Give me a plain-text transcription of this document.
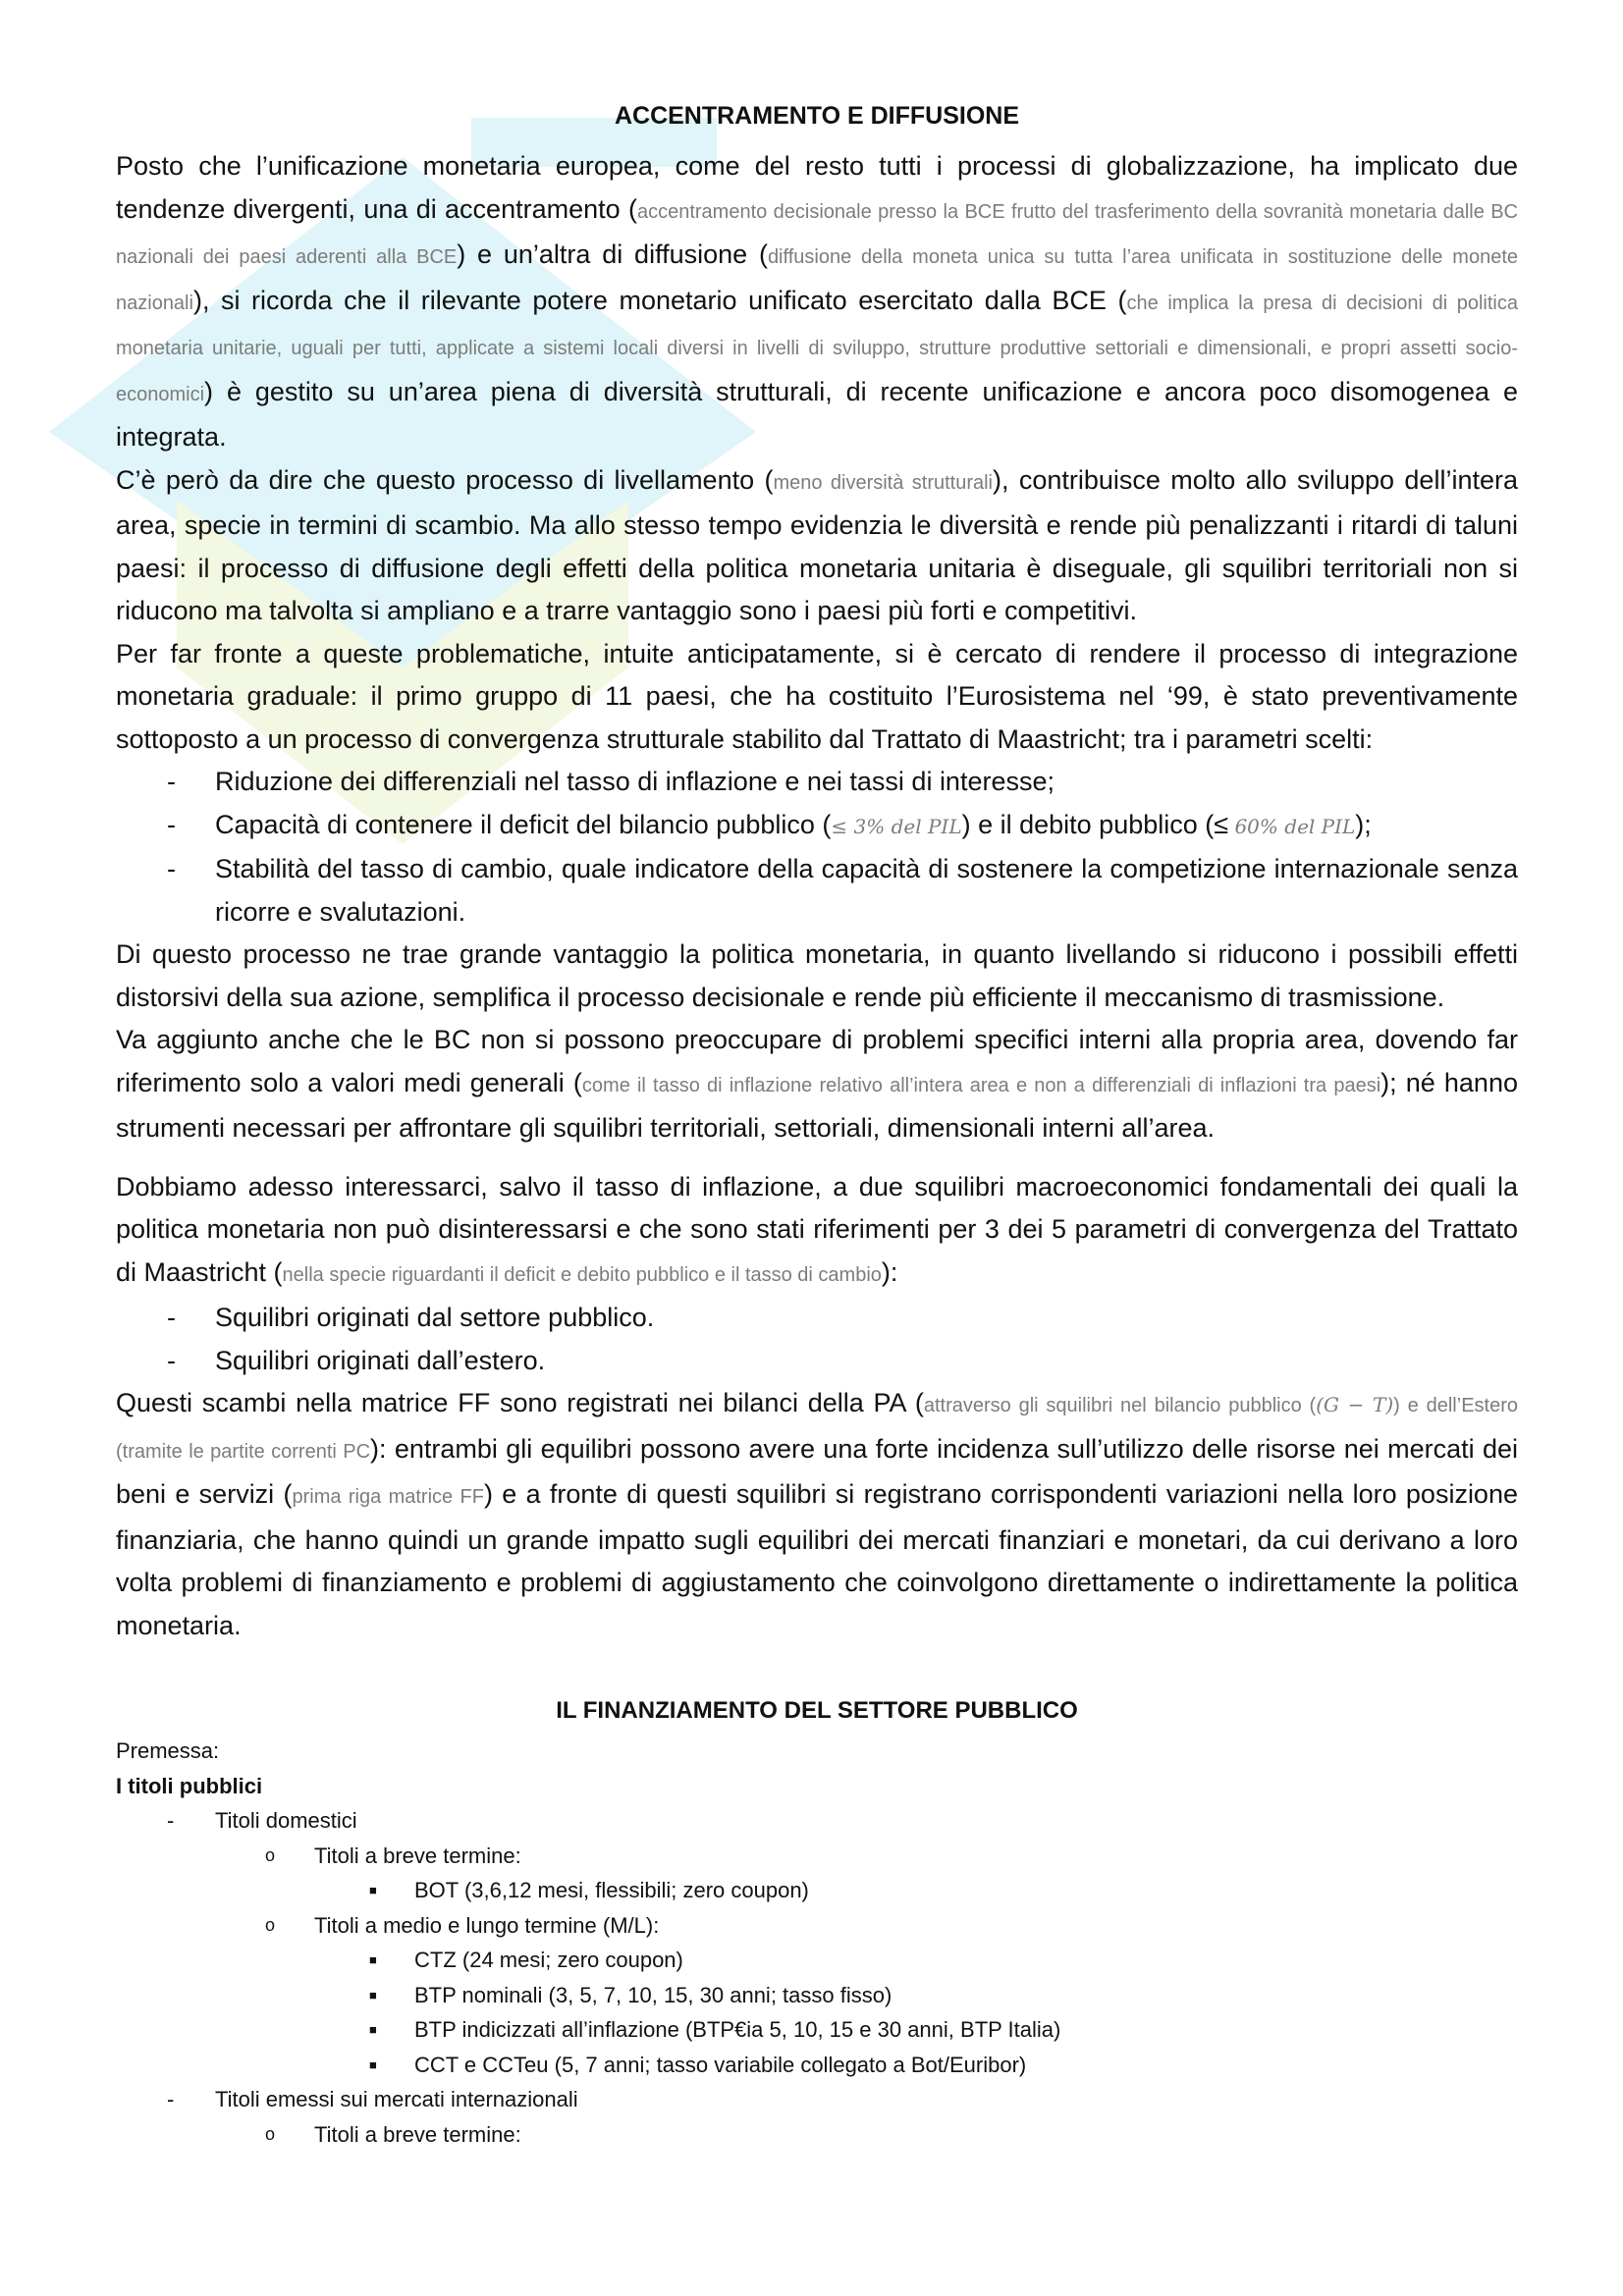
ACCENTRAMENTO E DIFFUSIONE

Posto che l’unificazione monetaria europea, come del resto tutti i processi di globalizzazione, ha implicato due tendenze divergenti, una di accentramento (accentramento decisionale presso la BCE frutto del trasferimento della sovranità monetaria dalle BC nazionali dei paesi aderenti alla BCE) e un’altra di diffusione (diffusione della moneta unica su tutta l’area unificata in sostituzione delle monete nazionali), si ricorda che il rilevante potere monetario unificato esercitato dalla BCE (che implica la presa di decisioni di politica monetaria unitarie, uguali per tutti, applicate a sistemi locali diversi in livelli di sviluppo, strutture produttive settoriali e dimensionali, e propri assetti socio-economici) è gestito su un’area piena di diversità strutturali, di recente unificazione e ancora poco disomogenea e integrata.

C’è però da dire che questo processo di livellamento (meno diversità strutturali), contribuisce molto allo sviluppo dell’intera area, specie in termini di scambio. Ma allo stesso tempo evidenzia le diversità e rende più penalizzanti i ritardi di taluni paesi: il processo di diffusione degli effetti della politica monetaria unitaria è diseguale, gli squilibri territoriali non si riducono ma talvolta si ampliano e a trarre vantaggio sono i paesi più forti e competitivi.

Per far fronte a queste problematiche, intuite anticipatamente, si è cercato di rendere il processo di integrazione monetaria graduale: il primo gruppo di 11 paesi, che ha costituito l’Eurosistema nel ‘99, è stato preventivamente sottoposto a un processo di convergenza strutturale stabilito dal Trattato di Maastricht; tra i parametri scelti:

- Riduzione dei differenziali nel tasso di inflazione e nei tassi di interesse;
- Capacità di contenere il deficit del bilancio pubblico (≤ 3% del PIL) e il debito pubblico (≤ 60% del PIL);
- Stabilità del tasso di cambio, quale indicatore della capacità di sostenere la competizione internazionale senza ricorre e svalutazioni.

Di questo processo ne trae grande vantaggio la politica monetaria, in quanto livellando si riducono i possibili effetti distorsivi della sua azione, semplifica il processo decisionale e rende più efficiente il meccanismo di trasmissione.

Va aggiunto anche che le BC non si possono preoccupare di problemi specifici interni alla propria area, dovendo far riferimento solo a valori medi generali (come il tasso di inflazione relativo all’intera area e non a differenziali di inflazioni tra paesi); né hanno strumenti necessari per affrontare gli squilibri territoriali, settoriali, dimensionali interni all’area.

Dobbiamo adesso interessarci, salvo il tasso di inflazione, a due squilibri macroeconomici fondamentali dei quali la politica monetaria non può disinteressarsi e che sono stati riferimenti per 3 dei 5 parametri di convergenza del Trattato di Maastricht (nella specie riguardanti il deficit e debito pubblico e il tasso di cambio):

- Squilibri originati dal settore pubblico.
- Squilibri originati dall’estero.

Questi scambi nella matrice FF sono registrati nei bilanci della PA (attraverso gli squilibri nel bilancio pubblico ((G − T)) e dell’Estero (tramite le partite correnti PC): entrambi gli equilibri possono avere una forte incidenza sull’utilizzo delle risorse nei mercati dei beni e servizi (prima riga matrice FF) e a fronte di questi squilibri si registrano corrispondenti variazioni nella loro posizione finanziaria, che hanno quindi un grande impatto sugli equilibri dei mercati finanziari e monetari, da cui derivano a loro volta problemi di finanziamento e problemi di aggiustamento che coinvolgono direttamente o indirettamente la politica monetaria.

IL FINANZIAMENTO DEL SETTORE PUBBLICO

Premessa:

I titoli pubblici

- Titoli domestici
o Titoli a breve termine:
■ BOT (3,6,12 mesi, flessibili; zero coupon)
o Titoli a medio e lungo termine (M/L):
■ CTZ (24 mesi; zero coupon)
■ BTP nominali (3, 5, 7, 10, 15, 30 anni; tasso fisso)
■ BTP indicizzati all’inflazione (BTP€ia 5, 10, 15 e 30 anni, BTP Italia)
■ CCT e CCTeu (5, 7 anni; tasso variabile collegato a Bot/Euribor)
- Titoli emessi sui mercati internazionali
o Titoli a breve termine:
